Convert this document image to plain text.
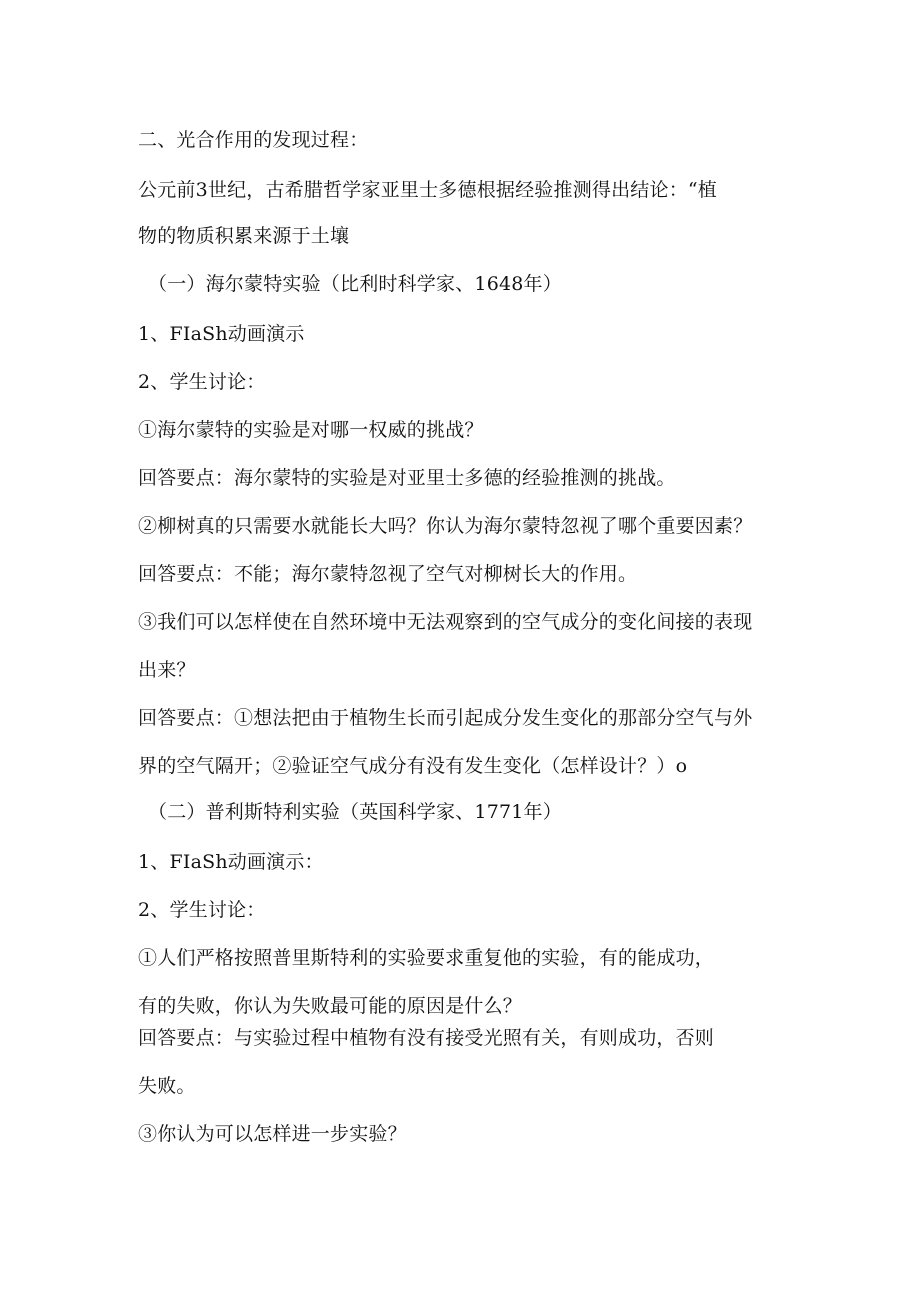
二、光合作用的发现过程：
公元前3世纪，古希腊哲学家亚里士多德根据经验推测得出结论：“植
物的物质积累来源于土壤
（一）海尔蒙特实验（比利时科学家、1648年）
1、FIaSh动画演示
2、学生讨论：
①海尔蒙特的实验是对哪一权威的挑战？
回答要点：海尔蒙特的实验是对亚里士多德的经验推测的挑战。
②柳树真的只需要水就能长大吗？你认为海尔蒙特忽视了哪个重要因素？
回答要点：不能；海尔蒙特忽视了空气对柳树长大的作用。
③我们可以怎样使在自然环境中无法观察到的空气成分的变化间接的表现
出来？
回答要点：①想法把由于植物生长而引起成分发生变化的那部分空气与外
界的空气隔开；②验证空气成分有没有发生变化（怎样设计？）o
（二）普利斯特利实验（英国科学家、1771年）
1、FIaSh动画演示：
2、学生讨论：
①人们严格按照普里斯特利的实验要求重复他的实验，有的能成功，
有的失败，你认为失败最可能的原因是什么？
回答要点：与实验过程中植物有没有接受光照有关，有则成功，否则
失败。
③你认为可以怎样进一步实验？
